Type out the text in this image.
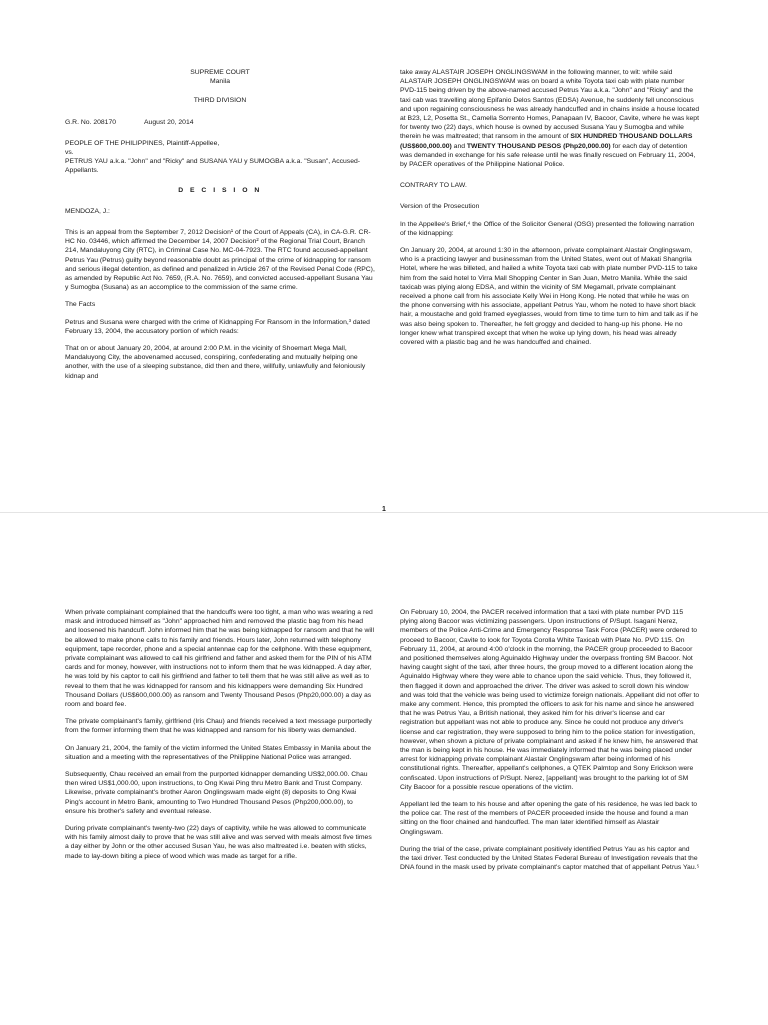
SUPREME COURT

Manila

THIRD DIVISION

G.R. No. 208170	August 20, 2014

PEOPLE OF THE PHILIPPINES, Plaintiff-Appellee,

vs.

PETRUS YAU a.k.a. "John" and "Ricky" and SUSANA YAU y SUMOGBA a.k.a. "Susan", Accused-Appellants.

D E C I S I O N

MENDOZA, J.:

This is an appeal from the September 7, 2012 Decision¹ of the Court of Appeals (CA), in CA-G.R. CR-HC No. 03446, which affirmed the December 14, 2007 Decision² of the Regional Trial Court, Branch 214, Mandaluyong City (RTC), in Criminal Case No. MC-04-7923. The RTC found accused-appellant Petrus Yau (Petrus) guilty beyond reasonable doubt as principal of the crime of kidnapping for ransom and serious illegal detention, as defined and penalized in Article 267 of the Revised Penal Code (RPC), as amended by Republic Act No. 7659, (R.A. No. 7659), and convicted accused-appellant Susana Yau y Sumogba (Susana) as an accomplice to the commission of the same crime.

The Facts

Petrus and Susana were charged with the crime of Kidnapping For Ransom in the Information,³ dated February 13, 2004, the accusatory portion of which reads:

That on or about January 20, 2004, at around 2:00 P.M. in the vicinity of Shoemart Mega Mall, Mandaluyong City, the abovenamed accused, conspiring, confederating and mutually helping one another, with the use of a sleeping substance, did then and there, willfully, unlawfully and feloniously kidnap and

take away ALASTAIR JOSEPH ONGLINGSWAM in the following manner, to wit: while said ALASTAIR JOSEPH ONGLINGSWAM was on board a white Toyota taxi cab with plate number PVD-115 being driven by the above-named accused Petrus Yau a.k.a. "John" and "Ricky" and the taxi cab was travelling along Epifanio Delos Santos (EDSA) Avenue, he suddenly fell unconscious and upon regaining consciousness he was already handcuffed and in chains inside a house located at B23, L2, Posetta St., Camella Sorrento Homes, Panapaan IV, Bacoor, Cavite, where he was kept for twenty two (22) days, which house is owned by accused Susana Yau y Sumogba and while therein he was maltreated; that ransom in the amount of SIX HUNDRED THOUSAND DOLLARS (US$600,000.00) and TWENTY THOUSAND PESOS (Php20,000.00) for each day of detention was demanded in exchange for his safe release until he was finally rescued on February 11, 2004, by PACER operatives of the Philippine National Police.

CONTRARY TO LAW.

Version of the Prosecution

In the Appellee's Brief,⁴ the Office of the Solicitor General (OSG) presented the following narration of the kidnapping:

On January 20, 2004, at around 1:30 in the afternoon, private complainant Alastair Onglingswam, who is a practicing lawyer and businessman from the United States, went out of Makati Shangrila Hotel, where he was billeted, and hailed a white Toyota taxi cab with plate number PVD-115 to take him from the said hotel to Virra Mall Shopping Center in San Juan, Metro Manila. While the said taxicab was plying along EDSA, and within the vicinity of SM Megamall, private complainant received a phone call from his associate Kelly Wei in Hong Kong. He noted that while he was on the phone conversing with his associate, appellant Petrus Yau, whom he noted to have short black hair, a moustache and gold framed eyeglasses, would from time to time turn to him and talk as if he was also being spoken to. Thereafter, he felt groggy and decided to hang-up his phone. He no longer knew what transpired except that when he woke up lying down, his head was already covered with a plastic bag and he was handcuffed and chained.

1

When private complainant complained that the handcuffs were too tight, a man who was wearing a red mask and introduced himself as "John" approached him and removed the plastic bag from his head and loosened his handcuff. John informed him that he was being kidnapped for ransom and that he will be allowed to make phone calls to his family and friends. Hours later, John returned with telephony equipment, tape recorder, phone and a special antennae cap for the cellphone. With these equipment, private complainant was allowed to call his girlfriend and father and asked them for the PIN of his ATM cards and for money, however, with instructions not to inform them that he was kidnapped. A day after, he was told by his captor to call his girlfriend and father to tell them that he was still alive as well as to reveal to them that he was kidnapped for ransom and his kidnappers were demanding Six Hundred Thousand Dollars (US$600,000.00) as ransom and Twenty Thousand Pesos (Php20,000.00) a day as room and board fee.

The private complainant's family, girlfriend (Iris Chau) and friends received a text message purportedly from the former informing them that he was kidnapped and ransom for his liberty was demanded.

On January 21, 2004, the family of the victim informed the United States Embassy in Manila about the situation and a meeting with the representatives of the Philippine National Police was arranged.

Subsequently, Chau received an email from the purported kidnapper demanding US$2,000.00. Chau then wired US$1,000.00, upon instructions, to Ong Kwai Ping thru Metro Bank and Trust Company. Likewise, private complainant's brother Aaron Onglingswam made eight (8) deposits to Ong Kwai Ping's account in Metro Bank, amounting to Two Hundred Thousand Pesos (Php200,000.00), to ensure his brother's safety and eventual release.

During private complainant's twenty-two (22) days of captivity, while he was allowed to communicate with his family almost daily to prove that he was still alive and was served with meals almost five times a day either by John or the other accused Susan Yau, he was also maltreated i.e. beaten with sticks, made to lay-down biting a piece of wood which was made as target for a rifle.

On February 10, 2004, the PACER received information that a taxi with plate number PVD 115 plying along Bacoor was victimizing passengers. Upon instructions of P/Supt. Isagani Nerez, members of the Police Anti-Crime and Emergency Response Task Force (PACER) were ordered to proceed to Bacoor, Cavite to look for Toyota Corolla White Taxicab with Plate No. PVD 115. On February 11, 2004, at around 4:00 o'clock in the morning, the PACER group proceeded to Bacoor and positioned themselves along Aguinaldo Highway under the overpass fronting SM Bacoor. Not having caught sight of the taxi, after three hours, the group moved to a different location along the Aguinaldo Highway where they were able to chance upon the said vehicle. Thus, they followed it, then flagged it down and approached the driver. The driver was asked to scroll down his window and was told that the vehicle was being used to victimize foreign nationals. Appellant did not offer to make any comment. Hence, this prompted the officers to ask for his name and since he answered that he was Petrus Yau, a British national, they asked him for his driver's license and car registration but appellant was not able to produce any. Since he could not produce any driver's license and car registration, they were supposed to bring him to the police station for investigation, however, when shown a picture of private complainant and asked if he knew him, he answered that the man is being kept in his house. He was immediately informed that he was being placed under arrest for kidnapping private complainant Alastair Onglingswam after being informed of his constitutional rights. Thereafter, appellant's cellphones, a QTEK Palmtop and Sony Erickson were confiscated. Upon instructions of P/Supt. Nerez, [appellant] was brought to the parking lot of SM City Bacoor for a possible rescue operations of the victim.

Appellant led the team to his house and after opening the gate of his residence, he was led back to the police car. The rest of the members of PACER proceeded inside the house and found a man sitting on the floor chained and handcuffed. The man later identified himself as Alastair Onglingswam.

During the trial of the case, private complainant positively identified Petrus Yau as his captor and the taxi driver. Test conducted by the United States Federal Bureau of Investigation reveals that the DNA found in the mask used by private complainant's captor matched that of appellant Petrus Yau.⁵
